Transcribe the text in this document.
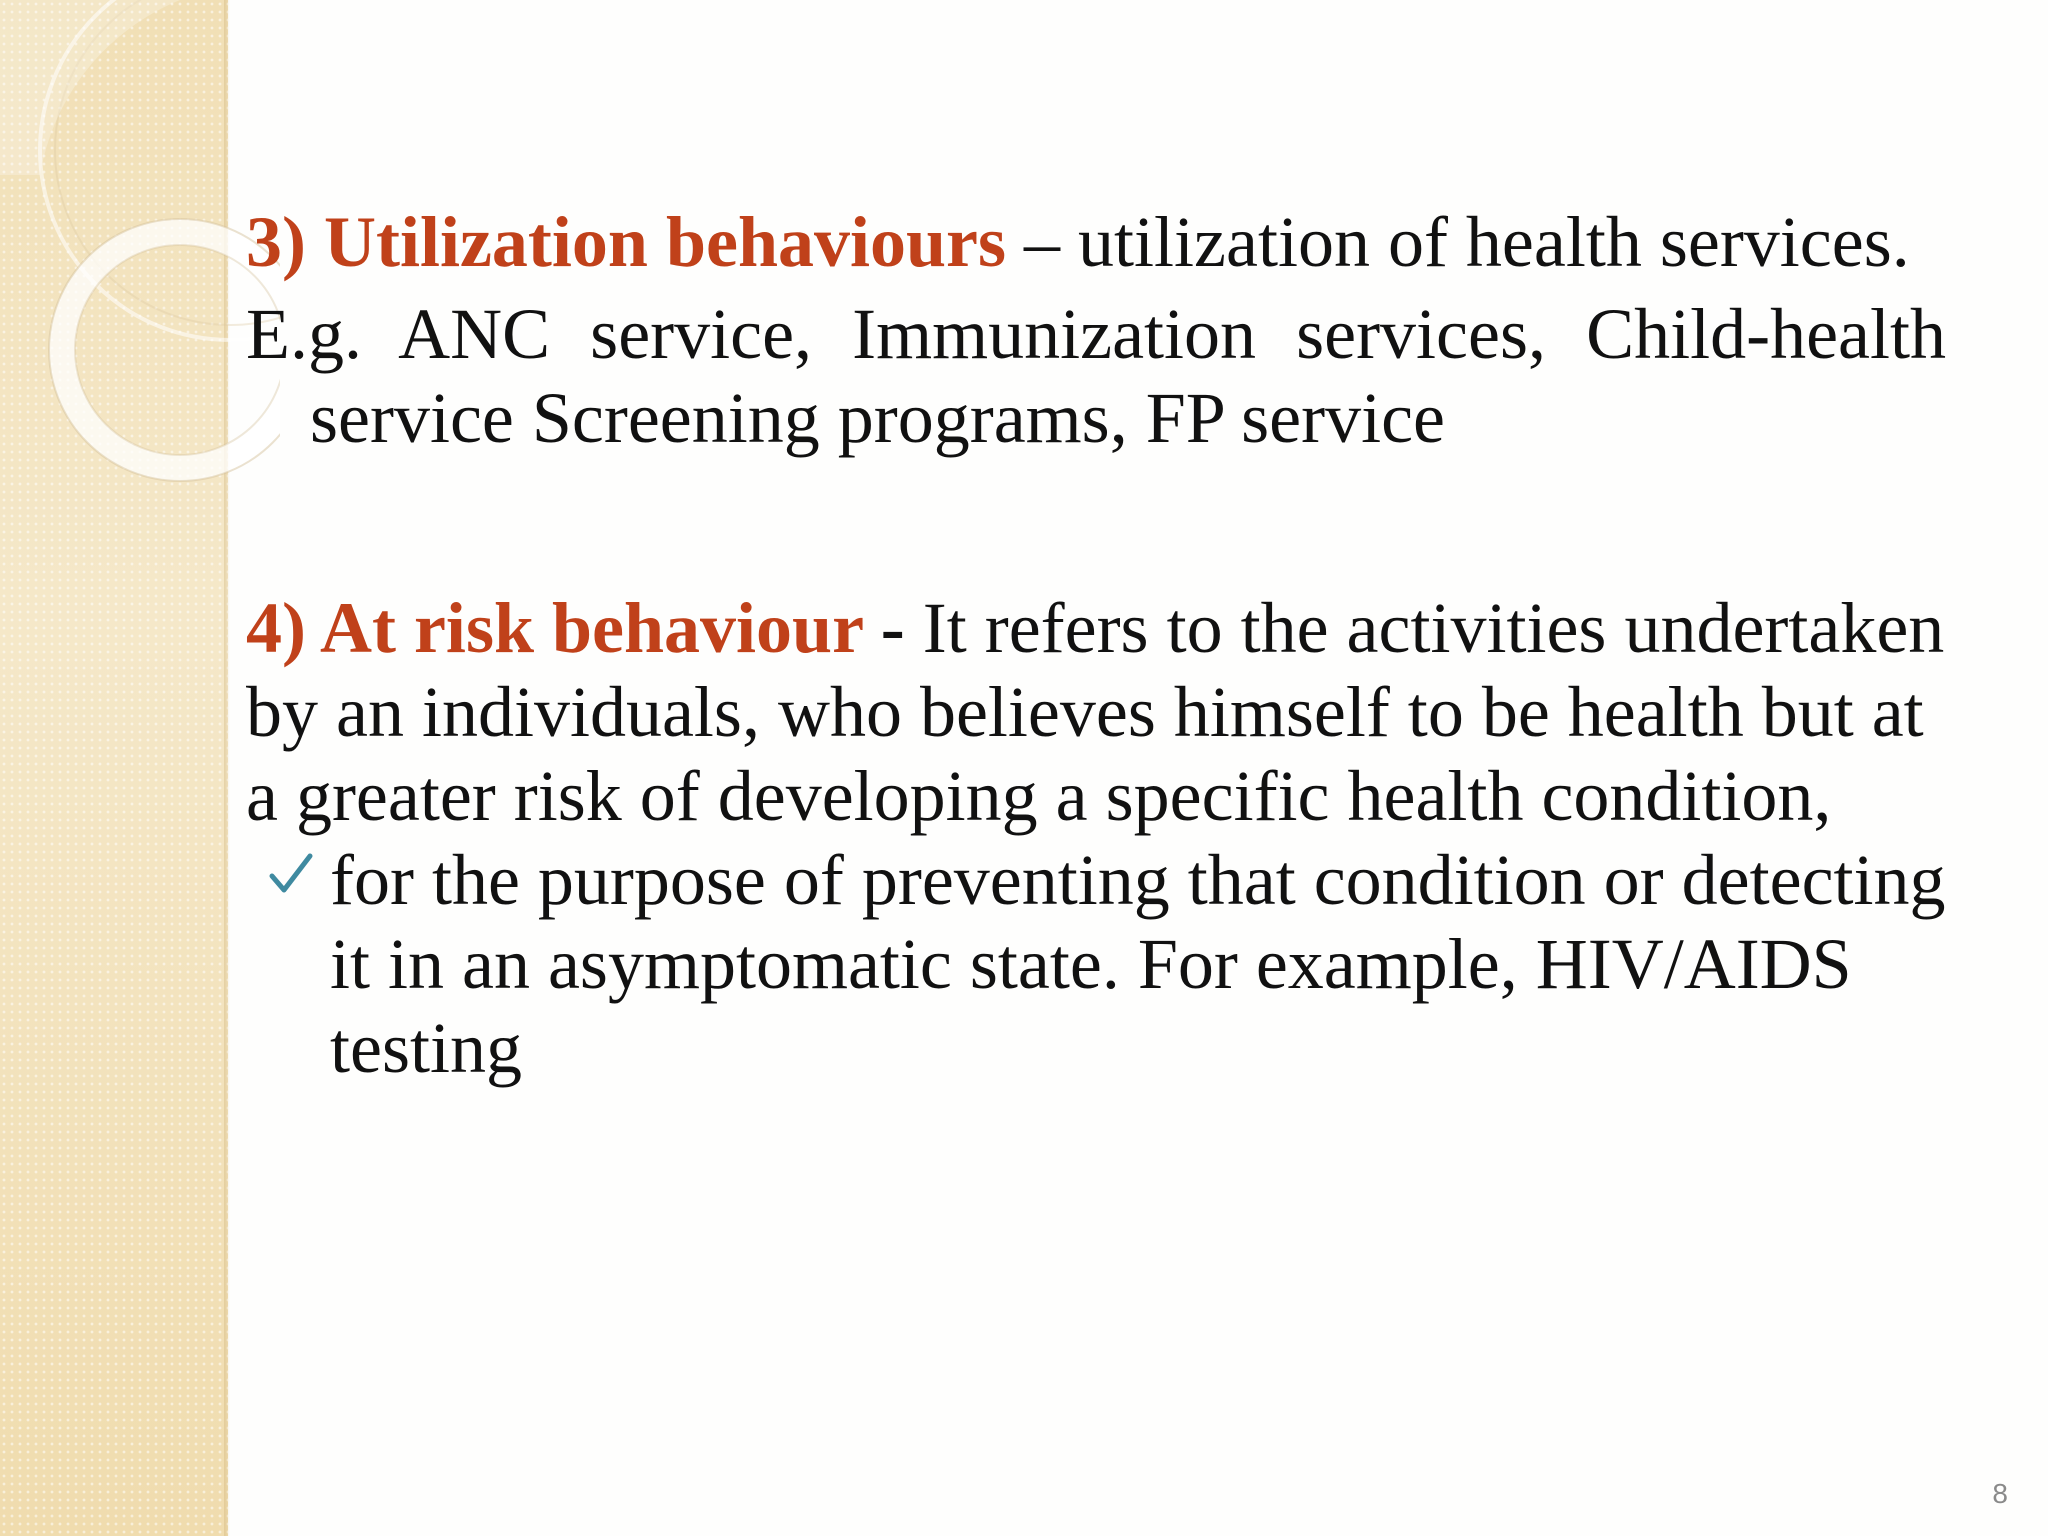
3) Utilization behaviours – utilization of health services.

E.g. ANC service, Immunization services, Child-health service Screening programs, FP service

4) At risk behaviour - It refers to the activities undertaken by an individuals, who believes himself to be health but at a greater risk of developing a specific health condition,

for the purpose of preventing that condition or detecting it in an asymptomatic state. For example, HIV/AIDS testing
8
